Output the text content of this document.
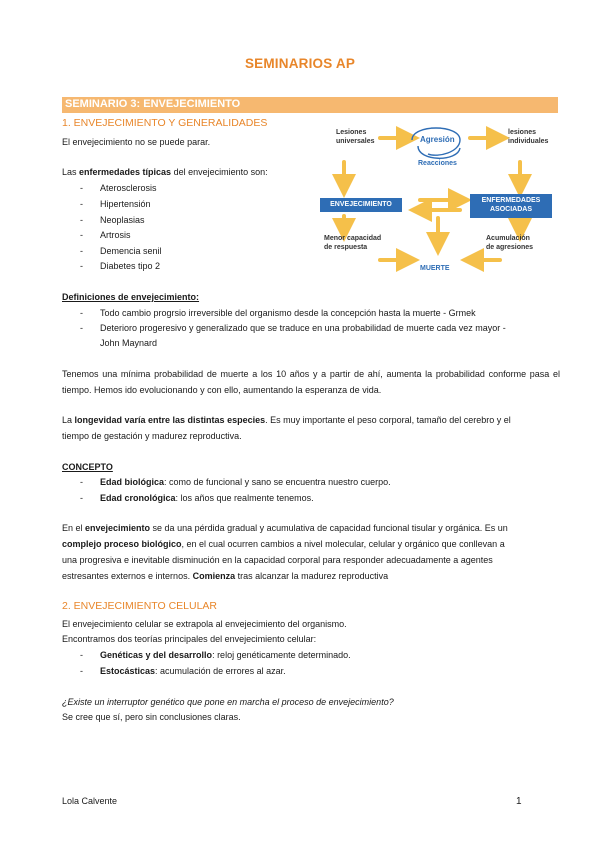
SEMINARIOS AP
SEMINARIO 3: ENVEJECIMIENTO
1. ENVEJECIMIENTO Y GENERALIDADES
El envejecimiento no se puede parar.
Las enfermedades típicas del envejecimiento son:
- Aterosclerosis
- Hipertensión
- Neoplasias
- Artrosis
- Demencia senil
- Diabetes tipo 2
Lesiones
universales	Agresión
Reacciones
lesiones
individuales
ENVEJECIMIENTO
ENFERMEDADES
ASOCIADAS
Menor capacidad
de respuesta
Acumulación
de agresiones
MUERTE
Definiciones de envejecimiento:
- Todo cambio progrsio irreversible del organismo desde la concepción hasta la muerte - Grmek
- Deterioro progeresivo y generalizado que se traduce en una probabilidad de muerte cada vez mayor -
John Maynard
Tenemos una mínima probabilidad de muerte a los 10 años y a partir de ahí, aumenta la probabilidad conforme pasa el tiempo. Hemos ido evolucionando y con ello, aumentando la esperanza de vida.
La longevidad varía entre las distintas especies. Es muy importante el peso corporal, tamaño del cerebro y el
tiempo de gestación y madurez reproductiva.
CONCEPTO
- Edad biológica: como de funcional y sano se encuentra nuestro cuerpo.
- Edad cronológica: los años que realmente tenemos.
En el envejecimiento se da una pérdida gradual y acumulativa de capacidad funcional tisular y orgánica. Es un
complejo proceso biológico, en el cual ocurren cambios a nivel molecular, celular y orgánico que conllevan a
una progresiva e inevitable disminución en la capacidad corporal para responder adecuadamente a agentes
estresantes externos e internos. Comienza tras alcanzar la madurez reproductiva
2. ENVEJECIMIENTO CELULAR
El envejecimiento celular se extrapola al envejecimiento del organismo.
Encontramos dos teorías principales del envejecimiento celular:
- Genéticas y del desarrollo: reloj genéticamente determinado.
- Estocásticas: acumulación de errores al azar.
¿Existe un interruptor genético que pone en marcha el proceso de envejecimiento?
Se cree que sí, pero sin conclusiones claras.
Lola Calvente	1
